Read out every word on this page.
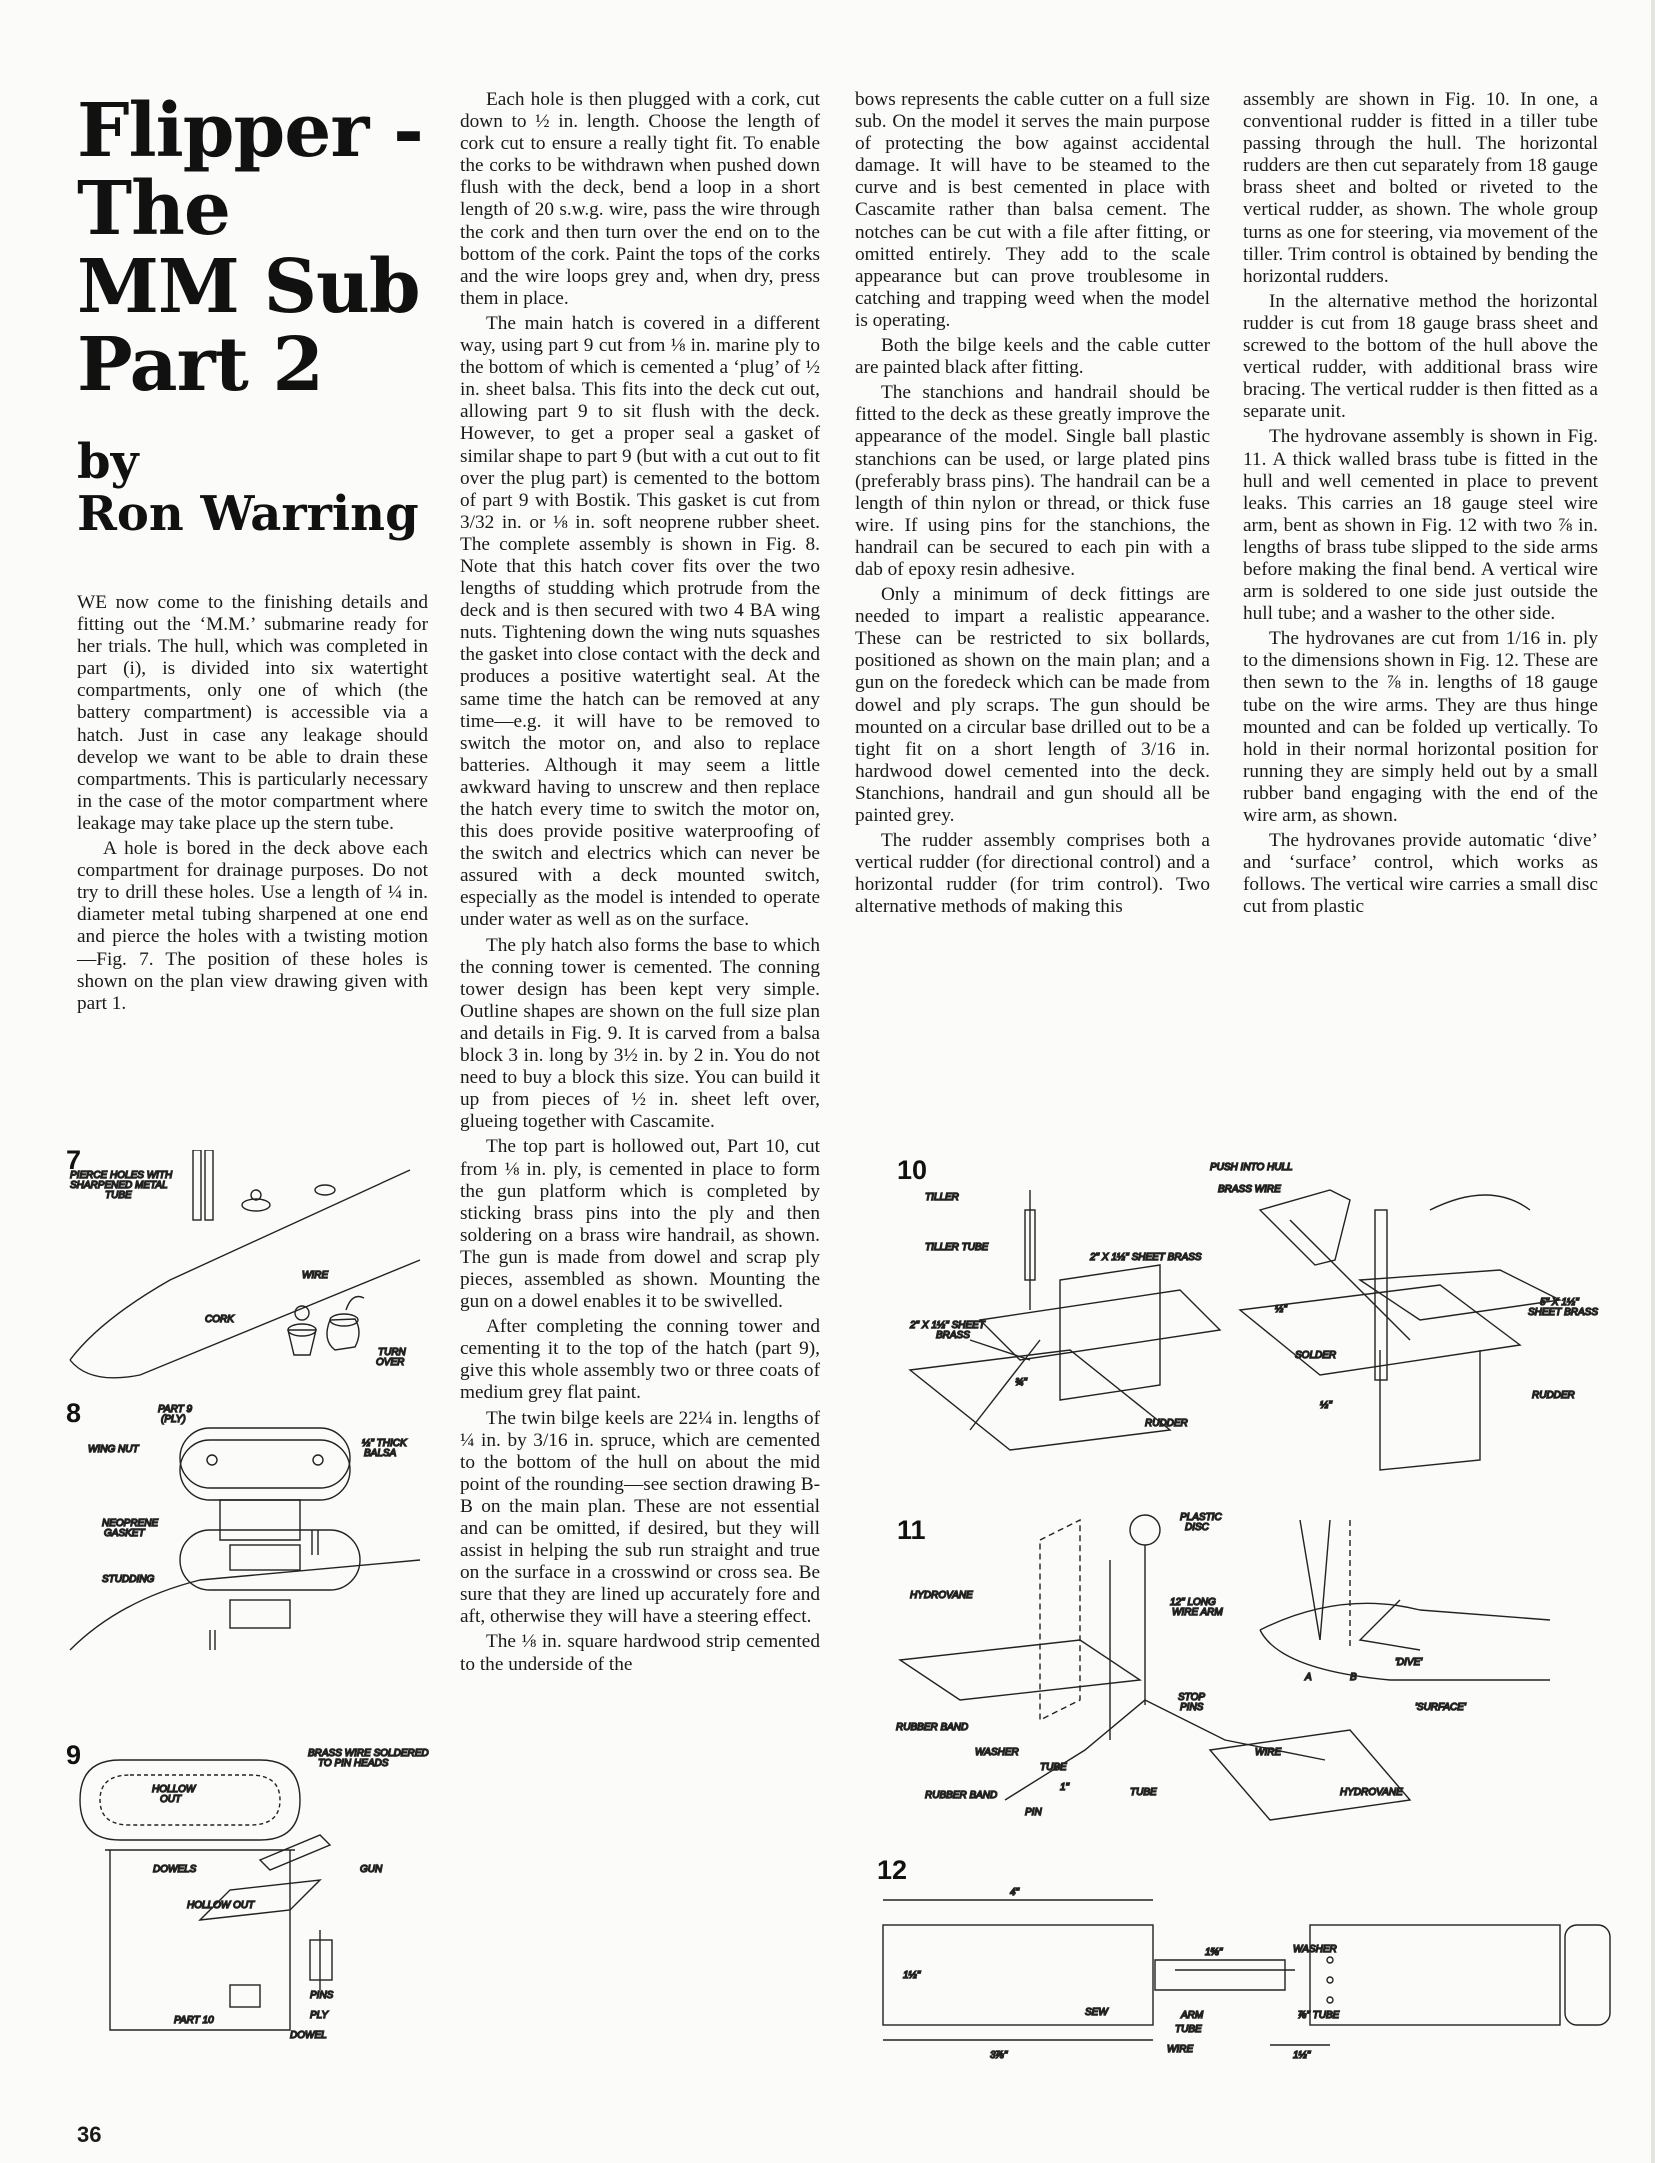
Flipper -
The
MM Sub
Part 2
by
Ron Warring

WE now come to the finishing details and fitting out the ‘M.M.’ submarine ready for her trials. The hull, which was completed in part (i), is divided into six watertight compartments, only one of which (the battery compartment) is accessible via a hatch. Just in case any leakage should develop we want to be able to drain these compartments. This is particularly necessary in the case of the motor compartment where leakage may take place up the stern tube.

A hole is bored in the deck above each compartment for drainage purposes. Do not try to drill these holes. Use a length of ¼ in. diameter metal tubing sharpened at one end and pierce the holes with a twisting motion—Fig. 7. The position of these holes is shown on the plan view drawing given with part 1.

Each hole is then plugged with a cork, cut down to ½ in. length. Choose the length of cork cut to ensure a really tight fit. To enable the corks to be withdrawn when pushed down flush with the deck, bend a loop in a short length of 20 s.w.g. wire, pass the wire through the cork and then turn over the end on to the bottom of the cork. Paint the tops of the corks and the wire loops grey and, when dry, press them in place.

The main hatch is covered in a different way, using part 9 cut from ⅛ in. marine ply to the bottom of which is cemented a ‘plug’ of ½ in. sheet balsa. This fits into the deck cut out, allowing part 9 to sit flush with the deck. However, to get a proper seal a gasket of similar shape to part 9 (but with a cut out to fit over the plug part) is cemented to the bottom of part 9 with Bostik. This gasket is cut from 3/32 in. or ⅛ in. soft neoprene rubber sheet. The complete assembly is shown in Fig. 8. Note that this hatch cover fits over the two lengths of studding which protrude from the deck and is then secured with two 4 BA wing nuts. Tightening down the wing nuts squashes the gasket into close contact with the deck and produces a positive watertight seal. At the same time the hatch can be removed at any time—e.g. it will have to be removed to switch the motor on, and also to replace batteries. Although it may seem a little awkward having to unscrew and then replace the hatch every time to switch the motor on, this does provide positive waterproofing of the switch and electrics which can never be assured with a deck mounted switch, especially as the model is intended to operate under water as well as on the surface.

The ply hatch also forms the base to which the conning tower is cemented. The conning tower design has been kept very simple. Outline shapes are shown on the full size plan and details in Fig. 9. It is carved from a balsa block 3 in. long by 3½ in. by 2 in. You do not need to buy a block this size. You can build it up from pieces of ½ in. sheet left over, glueing together with Cascamite.

The top part is hollowed out, Part 10, cut from ⅛ in. ply, is cemented in place to form the gun platform which is completed by sticking brass pins into the ply and then soldering on a brass wire handrail, as shown. The gun is made from dowel and scrap ply pieces, assembled as shown. Mounting the gun on a dowel enables it to be swivelled.

After completing the conning tower and cementing it to the top of the hatch (part 9), give this whole assembly two or three coats of medium grey flat paint.

The twin bilge keels are 22¼ in. lengths of ¼ in. by 3/16 in. spruce, which are cemented to the bottom of the hull on about the mid point of the rounding—see section drawing B-B on the main plan. These are not essential and can be omitted, if desired, but they will assist in helping the sub run straight and true on the surface in a crosswind or cross sea. Be sure that they are lined up accurately fore and aft, otherwise they will have a steering effect.

The ⅛ in. square hardwood strip cemented to the underside of the

bows represents the cable cutter on a full size sub. On the model it serves the main purpose of protecting the bow against accidental damage. It will have to be steamed to the curve and is best cemented in place with Cascamite rather than balsa cement. The notches can be cut with a file after fitting, or omitted entirely. They add to the scale appearance but can prove troublesome in catching and trapping weed when the model is operating.

Both the bilge keels and the cable cutter are painted black after fitting.

The stanchions and handrail should be fitted to the deck as these greatly improve the appearance of the model. Single ball plastic stanchions can be used, or large plated pins (preferably brass pins). The handrail can be a length of thin nylon or thread, or thick fuse wire. If using pins for the stanchions, the handrail can be secured to each pin with a dab of epoxy resin adhesive.

Only a minimum of deck fittings are needed to impart a realistic appearance. These can be restricted to six bollards, positioned as shown on the main plan; and a gun on the foredeck which can be made from dowel and ply scraps. The gun should be mounted on a circular base drilled out to be a tight fit on a short length of 3/16 in. hardwood dowel cemented into the deck. Stanchions, handrail and gun should all be painted grey.

The rudder assembly comprises both a vertical rudder (for directional control) and a horizontal rudder (for trim control). Two alternative methods of making this

assembly are shown in Fig. 10. In one, a conventional rudder is fitted in a tiller tube passing through the hull. The horizontal rudders are then cut separately from 18 gauge brass sheet and bolted or riveted to the vertical rudder, as shown. The whole group turns as one for steering, via movement of the tiller. Trim control is obtained by bending the horizontal rudders.

In the alternative method the horizontal rudder is cut from 18 gauge brass sheet and screwed to the bottom of the hull above the vertical rudder, with additional brass wire bracing. The vertical rudder is then fitted as a separate unit.

The hydrovane assembly is shown in Fig. 11. A thick walled brass tube is fitted in the hull and well cemented in place to prevent leaks. This carries an 18 gauge steel wire arm, bent as shown in Fig. 12 with two ⅞ in. lengths of brass tube slipped to the side arms before making the final bend. A vertical wire arm is soldered to one side just outside the hull tube; and a washer to the other side.

The hydrovanes are cut from 1/16 in. ply to the dimensions shown in Fig. 12. These are then sewn to the ⅞ in. lengths of 18 gauge tube on the wire arms. They are thus hinge mounted and can be folded up vertically. To hold in their normal horizontal position for running they are simply held out by a small rubber band engaging with the end of the wire arm, as shown.

The hydrovanes provide automatic ‘dive’ and ‘surface’ control, which works as follows. The vertical wire carries a small disc cut from plastic

7
PIERCE HOLES WITH
SHARPENED METAL
TUBE
WIRE
CORK
TURN
OVER
8	PART 9
(PLY)
WING NUT
½" THICK
BALSA
NEOPRENE
GASKET
STUDDING
9	BRASS WIRE SOLDERED
TO PIN HEADS
HOLLOW
OUT
DOWELS	GUN
HOLLOW OUT
PINS
PART 10	PLY
DOWEL
10
TILLER
TILLER TUBE
PUSH INTO HULL
BRASS WIRE
2" X 1½" SHEET BRASS
2" X 1½" SHEET
BRASS
¾"
SOLDER
½"
½"
5" X 1½"
SHEET BRASS
RUDDER
RUDDER
11	PLASTIC
DISC
HYDROVANE
12" LONG
WIRE ARM
STOP
PINS
RUBBER BAND
WASHER
TUBE
1"	TUBE
WIRE
RUBBER BAND
PIN
HYDROVANE
A	B
'DIVE'
'SURFACE'
12
4"
1⅝"	WASHER
1½"
SEW	ARM	⅞" TUBE
TUBE
WIRE
3⅞"	1½"
36
